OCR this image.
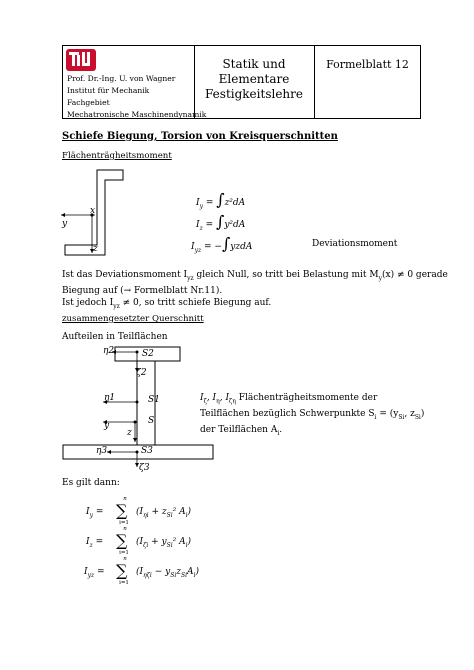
Prof. Dr.-Ing. U. von Wagner
Institut für Mechanik
Fachgebiet
Mechatronische Maschinendynamik
Statik und Elementare
Festigkeitslehre
Formelblatt 12
Schiefe Biegung, Torsion von Kreisquerschnitten
Flächenträgheitsmoment
x
y
z
$I_y = \int z^2dA$
$I_z = \int y^2dA$
$I_{yz}$ = −∫yzdA	Deviationsmoment
Ist das Deviationsmoment $I_{yz}$ gleich Null, so tritt bei Belastung mit $M_y(x) \ne 0$ gerade
Biegung auf (→ Formelblatt Nr.11).
Ist jedoch $I_{yz} \ne 0$, so tritt schiefe Biegung auf.
zusammengesetzter Querschnitt
Aufteilen in Teilflächen
η2	S2
ζ2
η1	S1
S
y
z
η3	S3
ζ3
$I_\zeta$, $I_\eta$, $I_{\zeta\eta}$ Flächenträgheitsmomente der
Teilflächen bezüglich Schwerpunkte $S_i = (y_{Si}$, $z_{Si}$)
der Teilflächen $A_i$.
Es gilt dann:
$I_y$ =
n
∑
i=1
($I_{\eta i} + z_{Si}^2$ $A_i$)
$I_z$ =
n
∑
i=1
($I_{\zeta i} + y_{Si}^2$ $A_i$)
$I_{yz}$ =
n
∑
i=1
$(I_{\eta\zeta i} - y_{Si}z_{Si}A_i)$
